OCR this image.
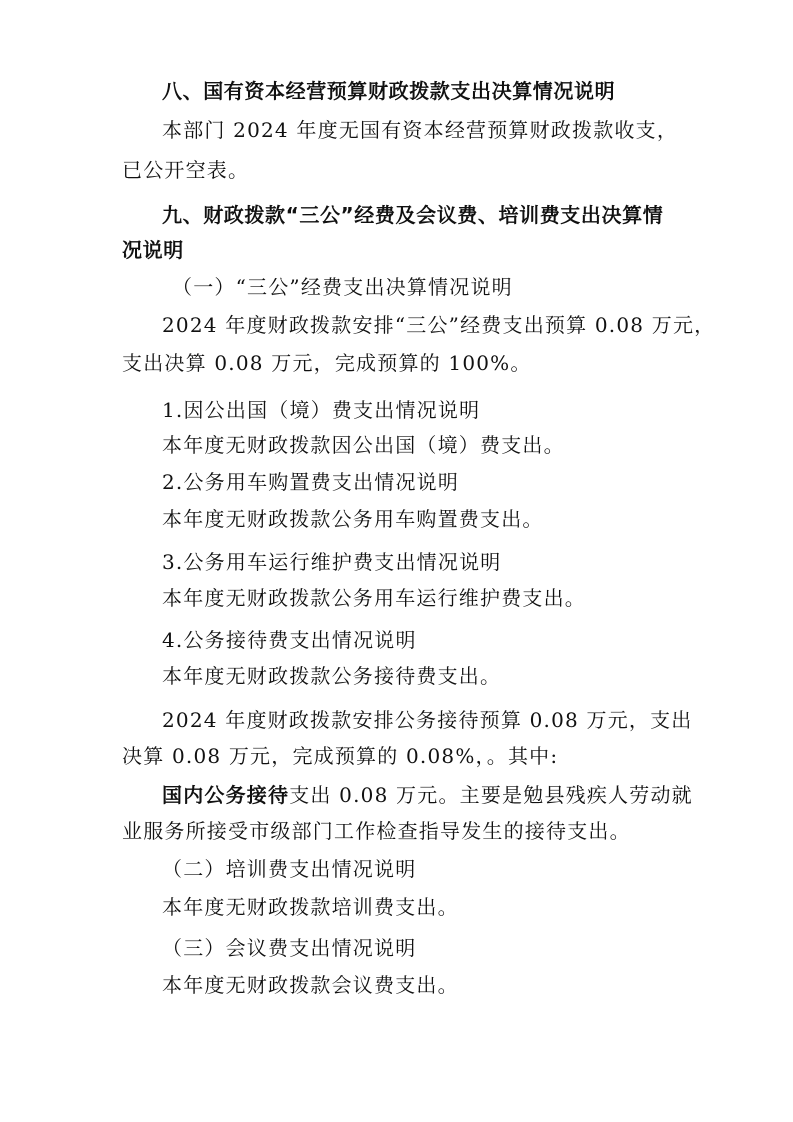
八、国有资本经营预算财政拨款支出决算情况说明
本部门 2024 年度无国有资本经营预算财政拨款收支，
已公开空表。
九、财政拨款“三公”经费及会议费、培训费支出决算情
况说明
（一）“三公”经费支出决算情况说明
2024 年度财政拨款安排“三公”经费支出预算 0.08 万元，
支出决算 0.08 万元，完成预算的 100%。
1.因公出国（境）费支出情况说明
本年度无财政拨款因公出国（境）费支出。
2.公务用车购置费支出情况说明
本年度无财政拨款公务用车购置费支出。
3.公务用车运行维护费支出情况说明
本年度无财政拨款公务用车运行维护费支出。
4.公务接待费支出情况说明
本年度无财政拨款公务接待费支出。
2024 年度财政拨款安排公务接待预算 0.08 万元，支出
决算 0.08 万元，完成预算的 0.08%，。其中:
国内公务接待支出 0.08 万元。主要是勉县残疾人劳动就
业服务所接受市级部门工作检查指导发生的接待支出。
（二）培训费支出情况说明
本年度无财政拨款培训费支出。
（三）会议费支出情况说明
本年度无财政拨款会议费支出。
